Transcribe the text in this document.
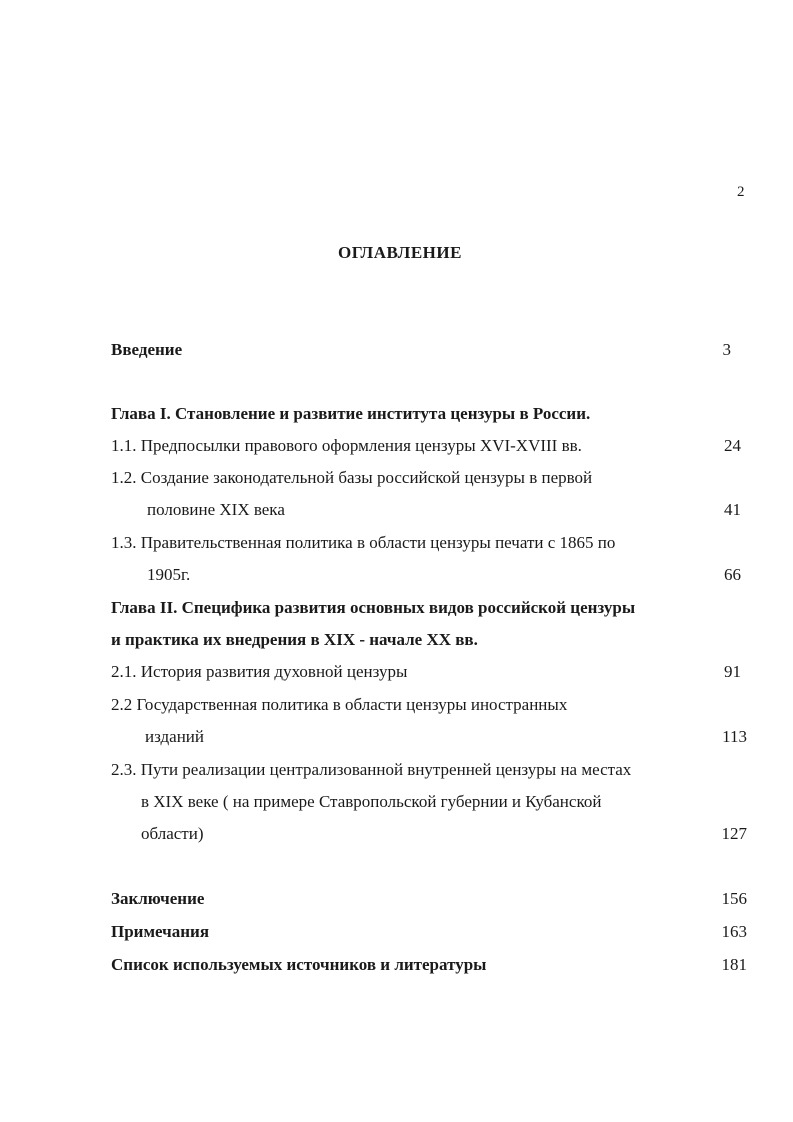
2
ОГЛАВЛЕНИЕ
Введение	3
Глава I. Становление и развитие института цензуры в России.
1.1. Предпосылки правового оформления цензуры XVI-XVIII вв.	24
1.2. Создание законодательной базы российской цензуры в первой
половине XIX века	41
1.3. Правительственная политика в области цензуры печати с 1865 по
1905г.	66
Глава II. Специфика развития основных видов российской цензуры
и практика их внедрения в XIX - начале XX вв.
2.1. История развития духовной цензуры	91
2.2 Государственная политика в области цензуры иностранных
изданий	113
2.3. Пути реализации централизованной внутренней цензуры на местах
в XIX веке ( на примере Ставропольской губернии и Кубанской
области)	127
Заключение	156
Примечания	163
Список используемых источников и литературы	181
